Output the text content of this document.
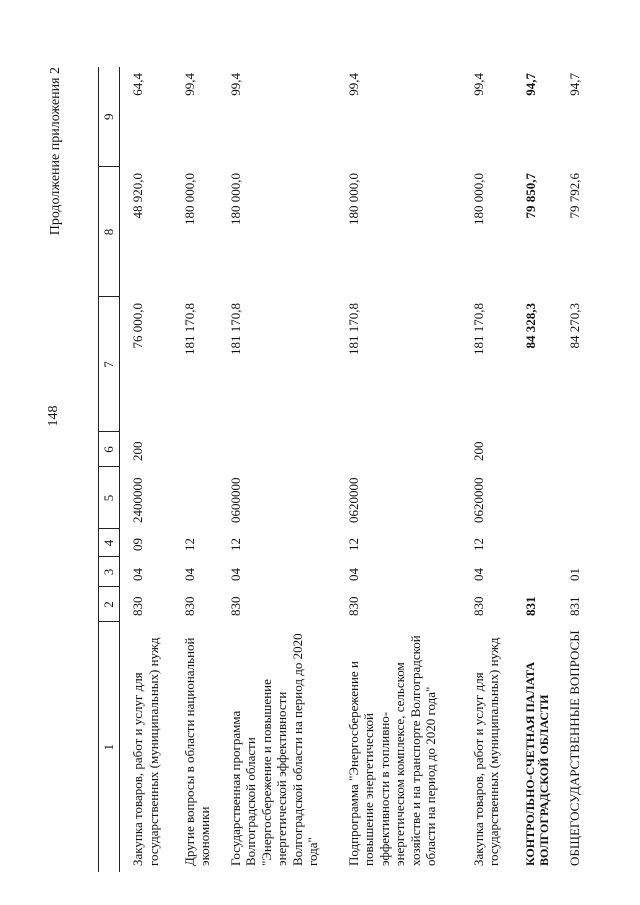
148
Продолжение приложения 2
1	2	3	4	5	6	7	8	9
Закупка товаров, работ и услуг для государственных (муниципальных) нужд	830	04	09	2400000	200	76 000,0	48 920,0	64,4
Другие вопросы в области национальной экономики	830	04	12			181 170,8	180 000,0	99,4
Государственная программа Волгоградской области "Энергосбережение и повышение энергетической эффективности Волгоградской области на период до 2020 года"	830	04	12	0600000		181 170,8	180 000,0	99,4
Подпрограмма "Энергосбережение и повышение энергетической эффективности в топливно-энергетическом комплексе, сельском хозяйстве и на транспорте Волгоградской области на период до 2020 года"	830	04	12	0620000		181 170,8	180 000,0	99,4
Закупка товаров, работ и услуг для государственных (муниципальных) нужд	830	04	12	0620000	200	181 170,8	180 000,0	99,4
КОНТРОЛЬНО-СЧЕТНАЯ ПАЛАТА ВОЛГОГРАДСКОЙ ОБЛАСТИ	831					84 328,3	79 850,7	94,7
ОБЩЕГОСУДАРСТВЕННЫЕ ВОПРОСЫ	831	01				84 270,3	79 792,6	94,7
